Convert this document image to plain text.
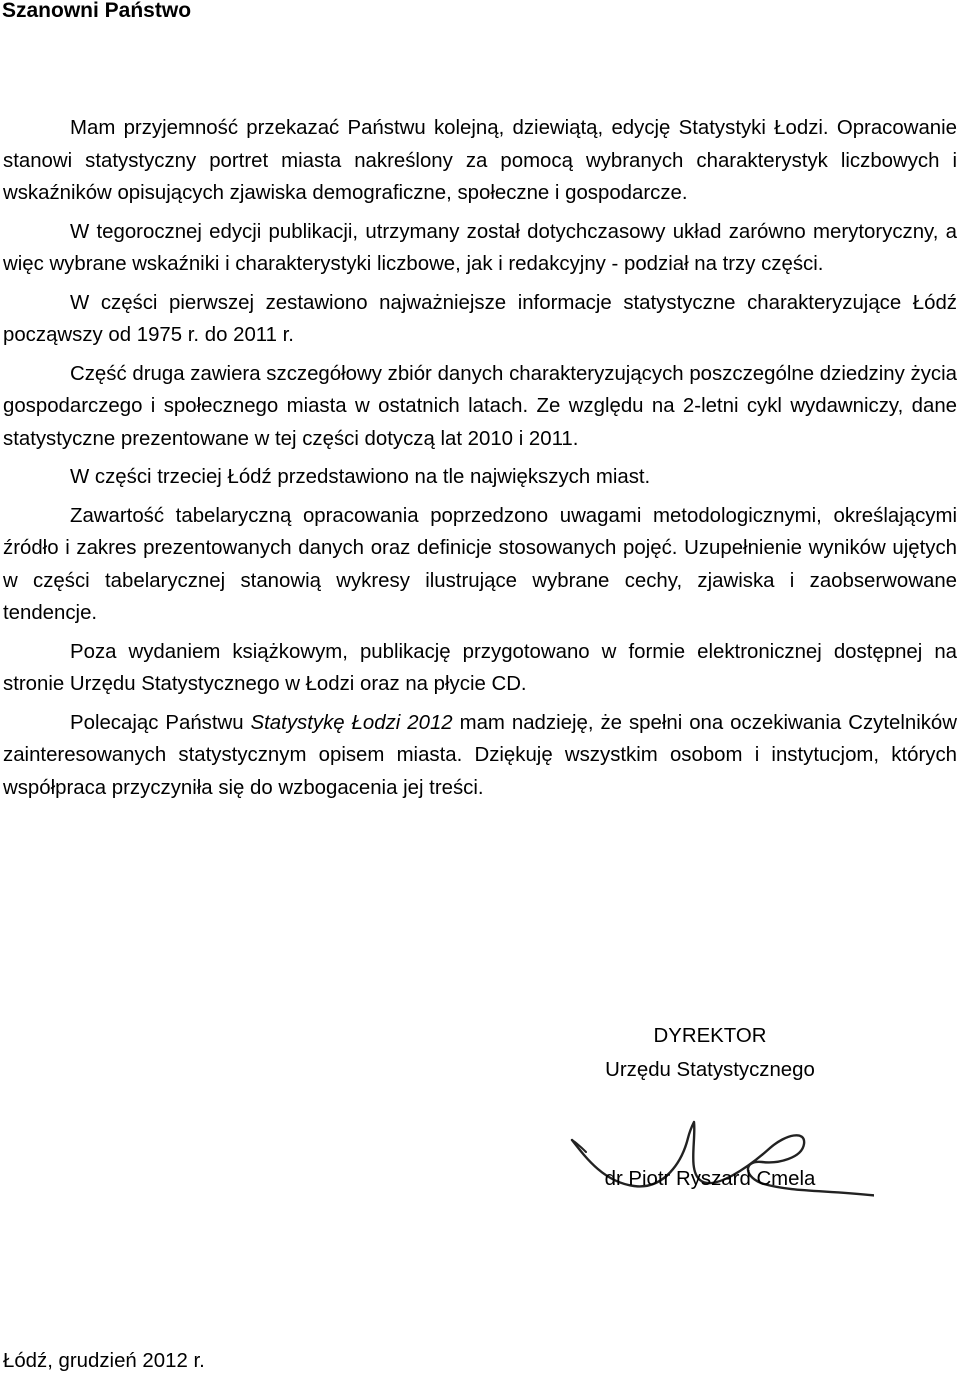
Szanowni Państwo

Mam przyjemność przekazać Państwu kolejną, dziewiątą, edycję Statystyki Łodzi. Opracowanie stanowi statystyczny portret miasta nakreślony za pomocą wybranych charakterystyk liczbowych i wskaźników opisujących zjawiska demograficzne, społeczne i gospodarcze.

W tegorocznej edycji publikacji, utrzymany został dotychczasowy układ zarówno merytoryczny, a więc wybrane wskaźniki i charakterystyki liczbowe, jak i redakcyjny - podział na trzy części.

W części pierwszej zestawiono najważniejsze informacje statystyczne charakteryzujące Łódź począwszy od 1975 r. do 2011 r.

Część druga zawiera szczegółowy zbiór danych charakteryzujących poszczególne dziedziny życia gospodarczego i społecznego miasta w ostatnich latach. Ze względu na 2-letni cykl wydawniczy, dane statystyczne prezentowane w tej części dotyczą lat 2010 i 2011.

W części trzeciej Łódź przedstawiono na tle największych miast.

Zawartość tabelaryczną opracowania poprzedzono uwagami metodologicznymi, określającymi źródło i zakres prezentowanych danych oraz definicje stosowanych pojęć. Uzupełnienie wyników ujętych w części tabelarycznej stanowią wykresy ilustrujące wybrane cechy, zjawiska i zaobserwowane tendencje.

Poza wydaniem książkowym, publikację przygotowano w formie elektronicznej dostępnej na stronie Urzędu Statystycznego w Łodzi oraz na płycie CD.

Polecając Państwu Statystykę Łodzi 2012 mam nadzieję, że spełni ona oczekiwania Czytelników zainteresowanych statystycznym opisem miasta. Dziękuję wszystkim osobom i instytucjom, których współpraca przyczyniła się do wzbogacenia jej treści.

DYREKTOR
Urzędu Statystycznego
dr Piotr Ryszard Cmela
Łódź, grudzień 2012 r.
